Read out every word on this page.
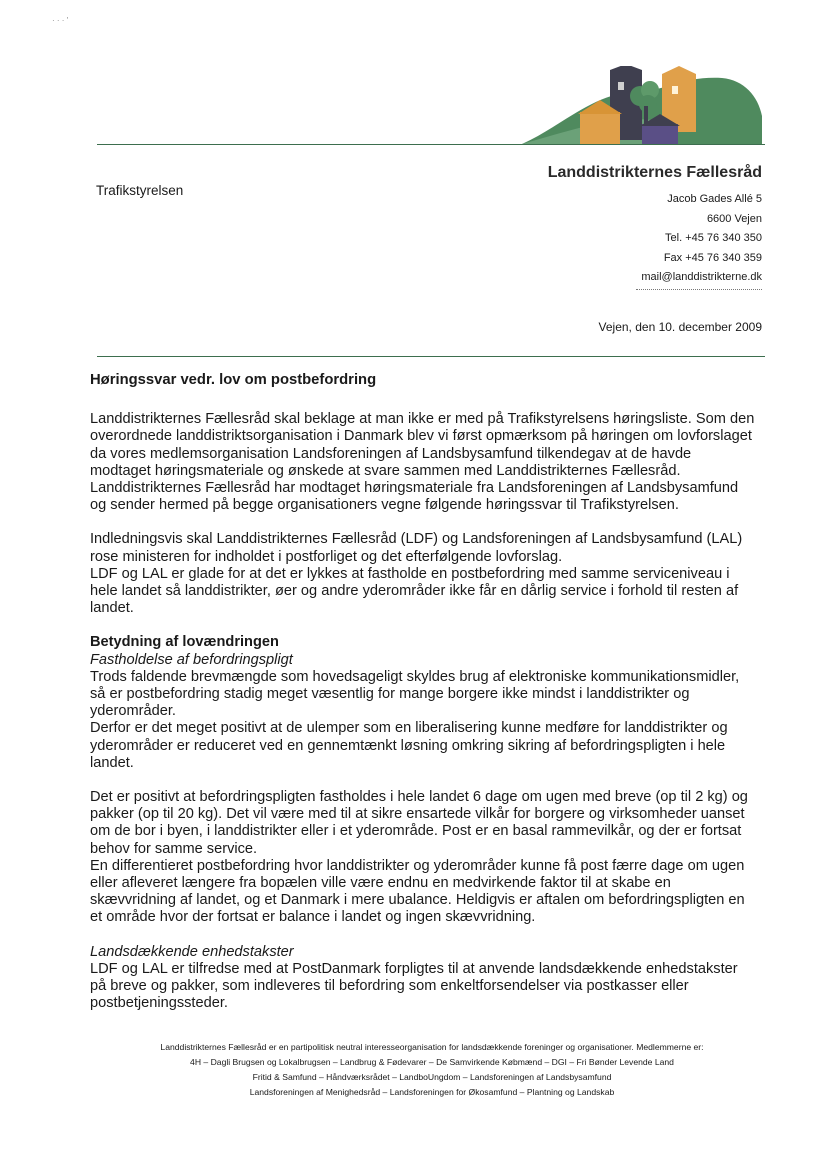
· · · '
Landdistrikternes Fællesråd
Trafikstyrelsen
Jacob Gades Allé 5
6600 Vejen
Tel. +45 76 340 350
Fax +45 76 340 359
mail@landdistrikterne.dk
Vejen, den 10. december 2009
Høringssvar vedr. lov om postbefordring

Landdistrikternes Fællesråd skal beklage at man ikke er med på Trafikstyrelsens høringsliste. Som den overordnede landdistriktsorganisation i Danmark blev vi først opmærksom på høringen om lovforslaget da vores medlemsorganisation Landsforeningen af Landsbysamfund tilkendegav at de havde modtaget høringsmateriale og ønskede at svare sammen med Landdistrikternes Fællesråd.
Landdistrikternes Fællesråd har modtaget høringsmateriale fra Landsforeningen af Landsbysamfund og sender hermed på begge organisationers vegne følgende høringssvar til Trafikstyrelsen.

Indledningsvis skal Landdistrikternes Fællesråd (LDF) og Landsforeningen af Landsbysamfund (LAL) rose ministeren for indholdet i postforliget og det efterfølgende lovforslag.
LDF og LAL er glade for at det er lykkes at fastholde en postbefordring med samme serviceniveau i hele landet så landdistrikter, øer og andre yderområder ikke får en dårlig service i forhold til resten af landet.

Betydning af lovændringen
Fastholdelse af befordringspligt
Trods faldende brevmængde som hovedsageligt skyldes brug af elektroniske kommunikationsmidler, så er postbefordring stadig meget væsentlig for mange borgere ikke mindst i landdistrikter og yderområder.
Derfor er det meget positivt at de ulemper som en liberalisering kunne medføre for landdistrikter og yderområder er reduceret ved en gennemtænkt løsning omkring sikring af befordringspligten i hele landet.

Det er positivt at befordringspligten fastholdes i hele landet 6 dage om ugen med breve (op til 2 kg) og pakker (op til 20 kg). Det vil være med til at sikre ensartede vilkår for borgere og virksomheder uanset om de bor i byen, i landdistrikter eller i et yderområde. Post er en basal rammevilkår, og der er fortsat behov for samme service.
En differentieret postbefordring hvor landdistrikter og yderområder kunne få post færre dage om ugen eller afleveret længere fra bopælen ville være endnu en medvirkende faktor til at skabe en skævvridning af landet, og et Danmark i mere ubalance. Heldigvis er aftalen om befordringspligten en et område hvor der fortsat er balance i landet og ingen skævvridning.

Landsdækkende enhedstakster
LDF og LAL er tilfredse med at PostDanmark forpligtes til at anvende landsdækkende enhedstakster på breve og pakker, som indleveres til befordring som enkeltforsendelser via postkasser eller postbetjeningssteder.

Landdistrikternes Fællesråd er en partipolitisk neutral interesseorganisation for landsdækkende foreninger og organisationer. Medlemmerne er:
4H – Dagli Brugsen og Lokalbrugsen – Landbrug & Fødevarer – De Samvirkende Købmænd – DGI – Fri Bønder Levende Land
Fritid & Samfund – Håndværksrådet – LandboUngdom – Landsforeningen af Landsbysamfund
Landsforeningen af Menighedsråd – Landsforeningen for Økosamfund – Plantning og Landskab
